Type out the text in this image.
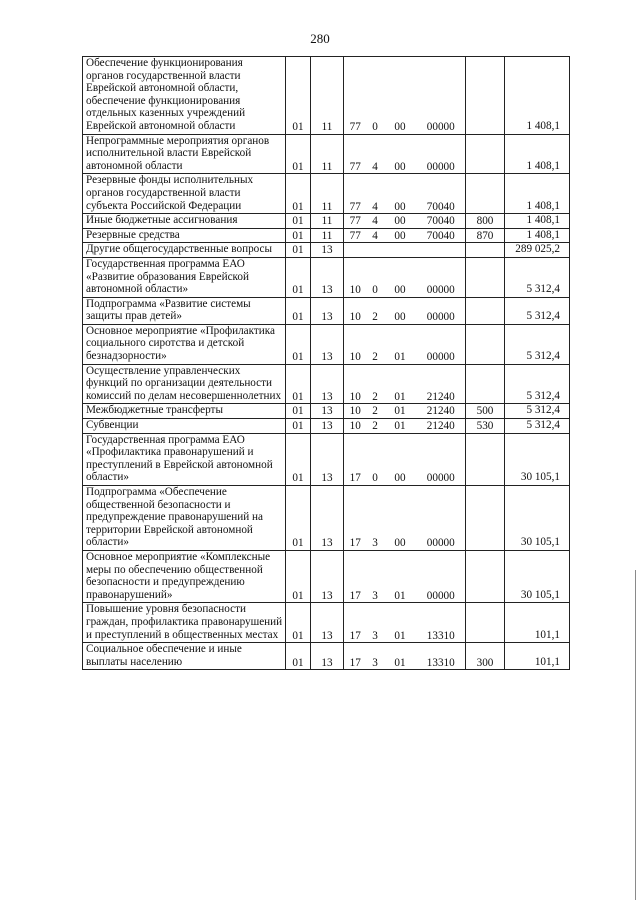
280
Обеспечение функционирования органов государственной власти Еврейской автономной области, обеспечение функционирования отдельных казенных учреждений Еврейской автономной области	01	11	77	0	00	00000		1 408,1
Непрограммные мероприятия органов исполнительной власти Еврейской автономной области	01	11	77	4	00	00000		1 408,1
Резервные фонды исполнительных органов государственной власти субъекта Российской Федерации	01	11	77	4	00	70040		1 408,1
Иные бюджетные ассигнования	01	11	77	4	00	70040	800	1 408,1
Резервные средства	01	11	77	4	00	70040	870	1 408,1
Другие общегосударственные вопросы	01	13						289 025,2
Государственная программа ЕАО «Развитие образования Еврейской автономной области»	01	13	10	0	00	00000		5 312,4
Подпрограмма «Развитие системы защиты прав детей»	01	13	10	2	00	00000		5 312,4
Основное мероприятие «Профилактика социального сиротства и детской безнадзорности»	01	13	10	2	01	00000		5 312,4
Осуществление управленческих функций по организации деятельности комиссий по делам несовершеннолетних	01	13	10	2	01	21240		5 312,4
Межбюджетные трансферты	01	13	10	2	01	21240	500	5 312,4
Субвенции	01	13	10	2	01	21240	530	5 312,4
Государственная программа ЕАО «Профилактика правонарушений и преступлений в Еврейской автономной области»	01	13	17	0	00	00000		30 105,1
Подпрограмма «Обеспечение общественной безопасности и предупреждение правонарушений на территории Еврейской автономной области»	01	13	17	3	00	00000		30 105,1
Основное мероприятие «Комплексные меры по обеспечению общественной безопасности и предупреждению правонарушений»	01	13	17	3	01	00000		30 105,1
Повышение уровня безопасности граждан, профилактика правонарушений и преступлений в общественных местах	01	13	17	3	01	13310		101,1
Социальное обеспечение и иные выплаты населению	01	13	17	3	01	13310	300	101,1
